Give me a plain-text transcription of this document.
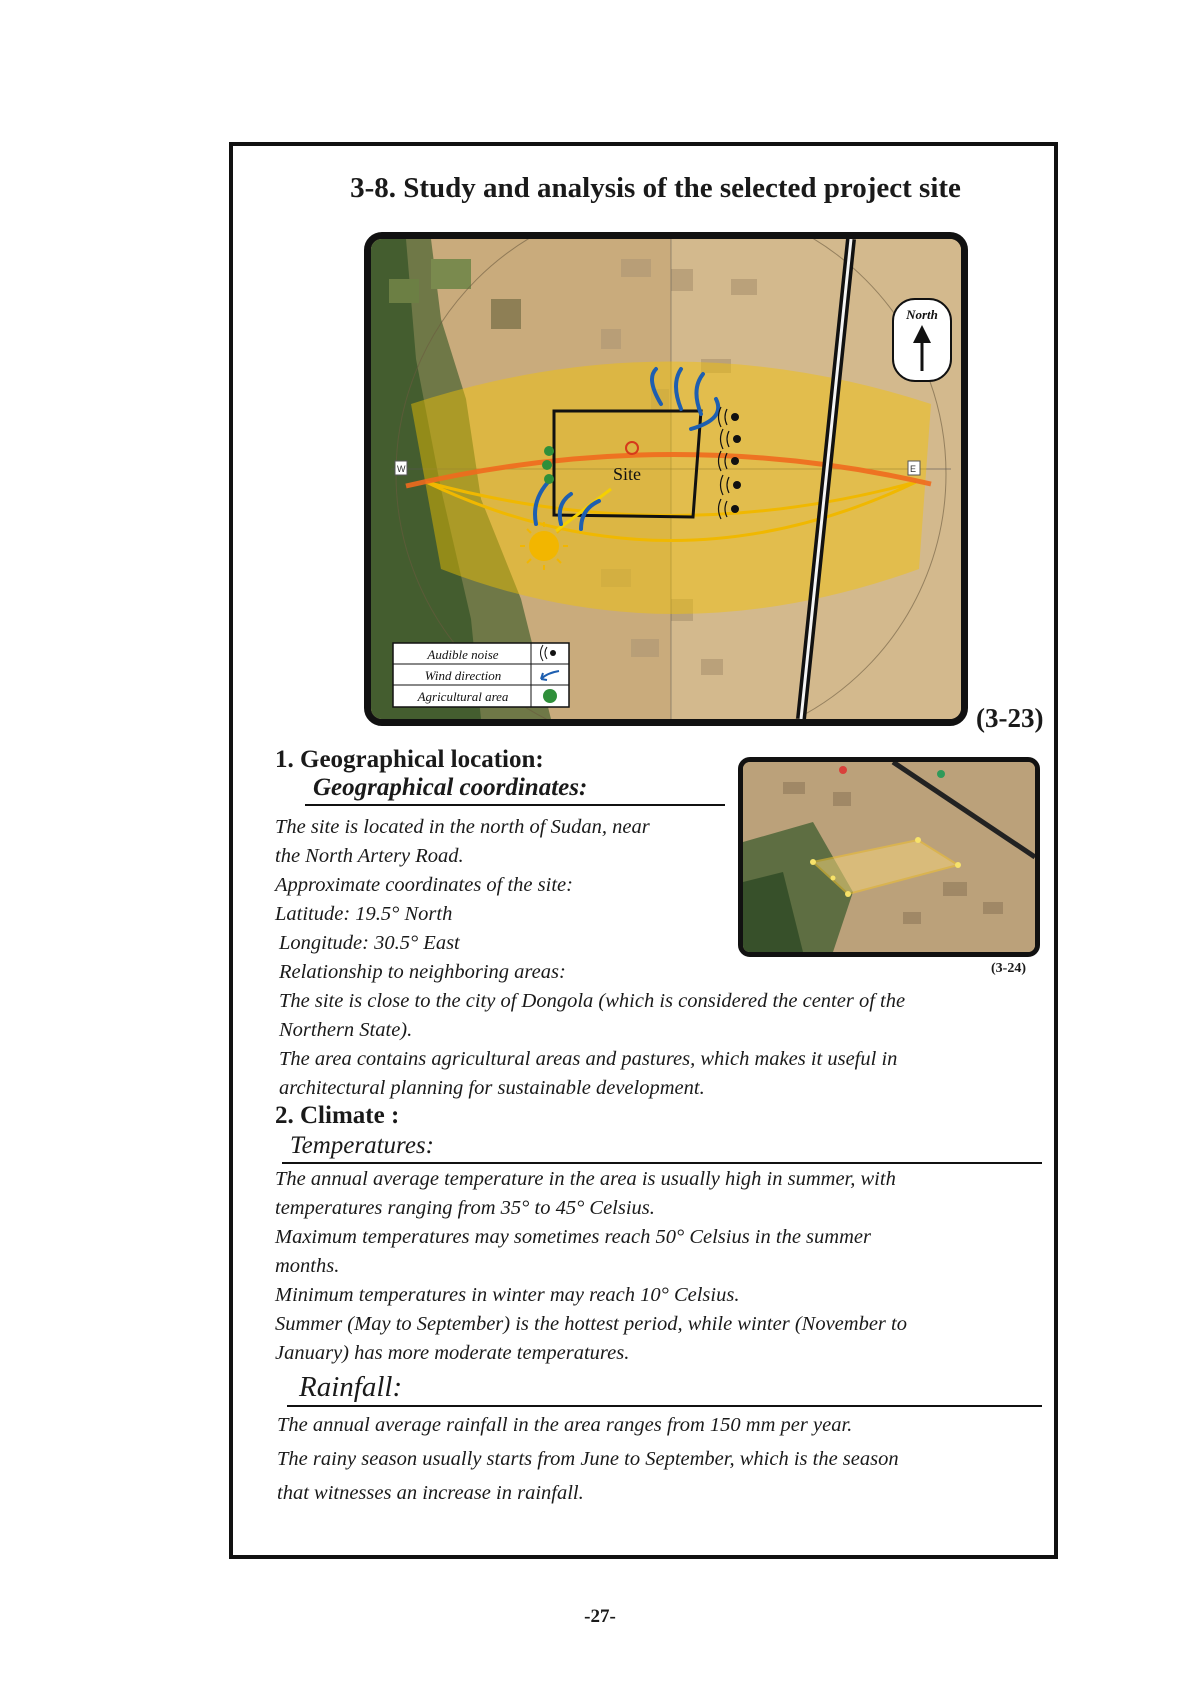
3-8. Study and analysis of the selected project site
Site
W	E
North
Audible noise
Wind direction
Agricultural area
(3-23)
(3-24)
1. Geographical location:
Geographical coordinates:
The site is located in the north of Sudan, near
the North Artery Road.
Approximate coordinates of the site:
Latitude: 19.5° North
Longitude: 30.5° East
Relationship to neighboring areas:
The site is close to the city of Dongola (which is considered the center of the
Northern State).
The area contains agricultural areas and pastures, which makes it useful in
architectural planning for sustainable development.
2. Climate :
Temperatures:
The annual average temperature in the area is usually high in summer, with
temperatures ranging from 35° to 45° Celsius.
Maximum temperatures may sometimes reach 50° Celsius in the summer
months.
Minimum temperatures in winter may reach 10° Celsius.
Summer (May to September) is the hottest period, while winter (November to
January) has more moderate temperatures.
Rainfall:
The annual average rainfall in the area ranges from 150 mm per year.
The rainy season usually starts from June to September, which is the season
that witnesses an increase in rainfall.
-27-
